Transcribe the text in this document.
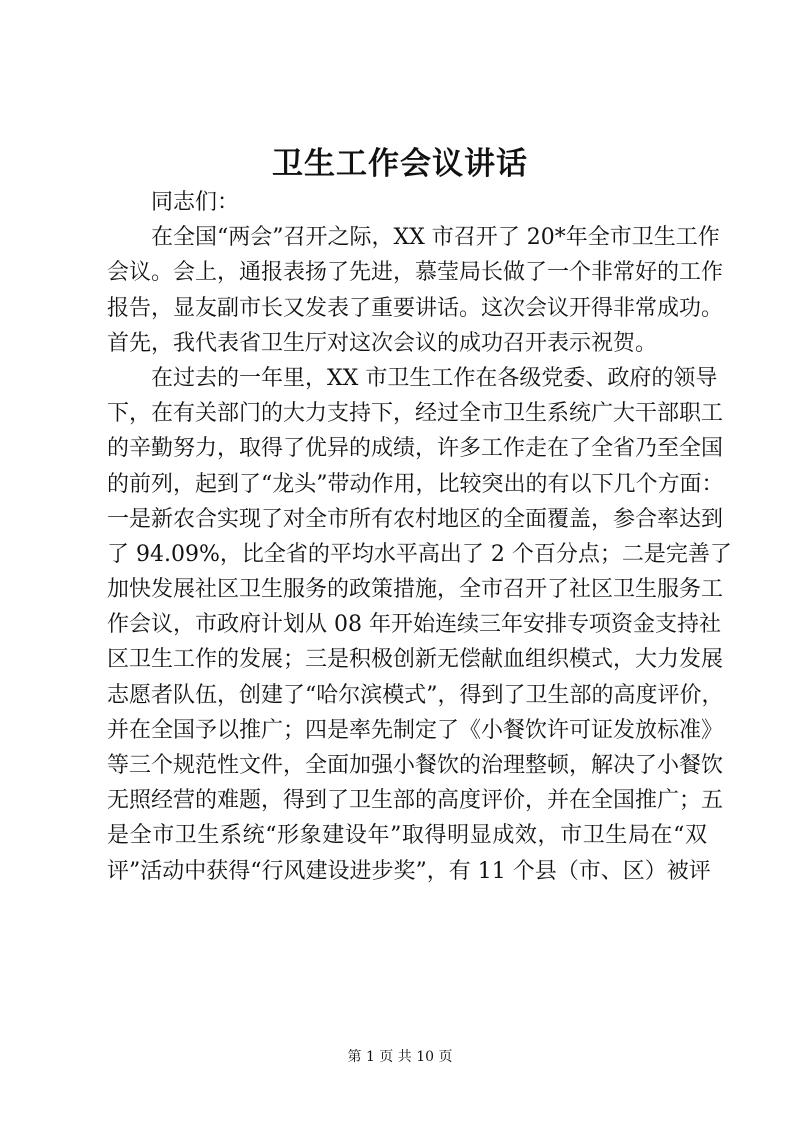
卫生工作会议讲话
同志们：
在全国“两会”召开之际，XX 市召开了 20*年全市卫生工作
会议。会上，通报表扬了先进，慕莹局长做了一个非常好的工作
报告，显友副市长又发表了重要讲话。这次会议开得非常成功。
首先，我代表省卫生厅对这次会议的成功召开表示祝贺。
在过去的一年里，XX 市卫生工作在各级党委、政府的领导
下，在有关部门的大力支持下，经过全市卫生系统广大干部职工
的辛勤努力，取得了优异的成绩，许多工作走在了全省乃至全国
的前列，起到了“龙头”带动作用，比较突出的有以下几个方面：
一是新农合实现了对全市所有农村地区的全面覆盖，参合率达到
了 94.09%，比全省的平均水平高出了 2 个百分点；二是完善了
加快发展社区卫生服务的政策措施，全市召开了社区卫生服务工
作会议，市政府计划从 08 年开始连续三年安排专项资金支持社
区卫生工作的发展；三是积极创新无偿献血组织模式，大力发展
志愿者队伍，创建了“哈尔滨模式”，得到了卫生部的高度评价，
并在全国予以推广；四是率先制定了《小餐饮许可证发放标准》
等三个规范性文件，全面加强小餐饮的治理整顿，解决了小餐饮
无照经营的难题，得到了卫生部的高度评价，并在全国推广；五
是全市卫生系统“形象建设年”取得明显成效，市卫生局在“双
评”活动中获得“行风建设进步奖”，有 11 个县（市、区）被评
第 1 页 共 10 页
